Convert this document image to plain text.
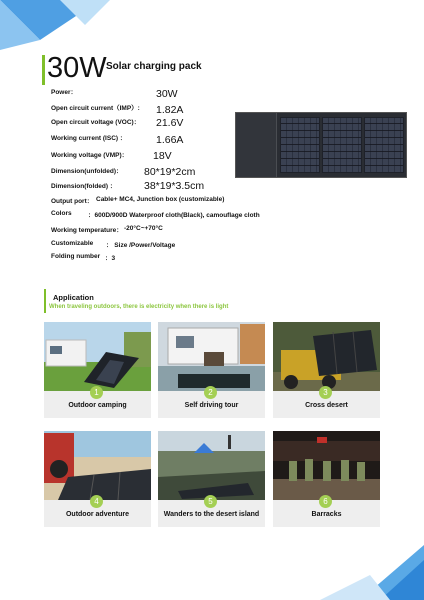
30W Solar charging pack
Power：	30W
Open circuit current（IMP）: 1.82A
Open circuit voltage (VOC)： 21.6V
Working current (ISC) ：	1.66A
Working voltage (VMP)： 18V
Dimension(unfolded)： 80*19*2cm
Dimension(folded) ：	38*19*3.5cm
Output port： Cable+ MC4, Junction box (customizable)
Colors	：600D/900D Waterproof cloth(Black), camouflage cloth
Working temperature： -20°C~+70°C
Customizable ： Size /Power/Voltage
Folding number ：3
Application
When traveling outdoors, there is electricity when there is light
1
Outdoor camping
2
Self driving tour
3
Cross desert
4
Outdoor adventure
5
Wanders to the desert island
6
Barracks
